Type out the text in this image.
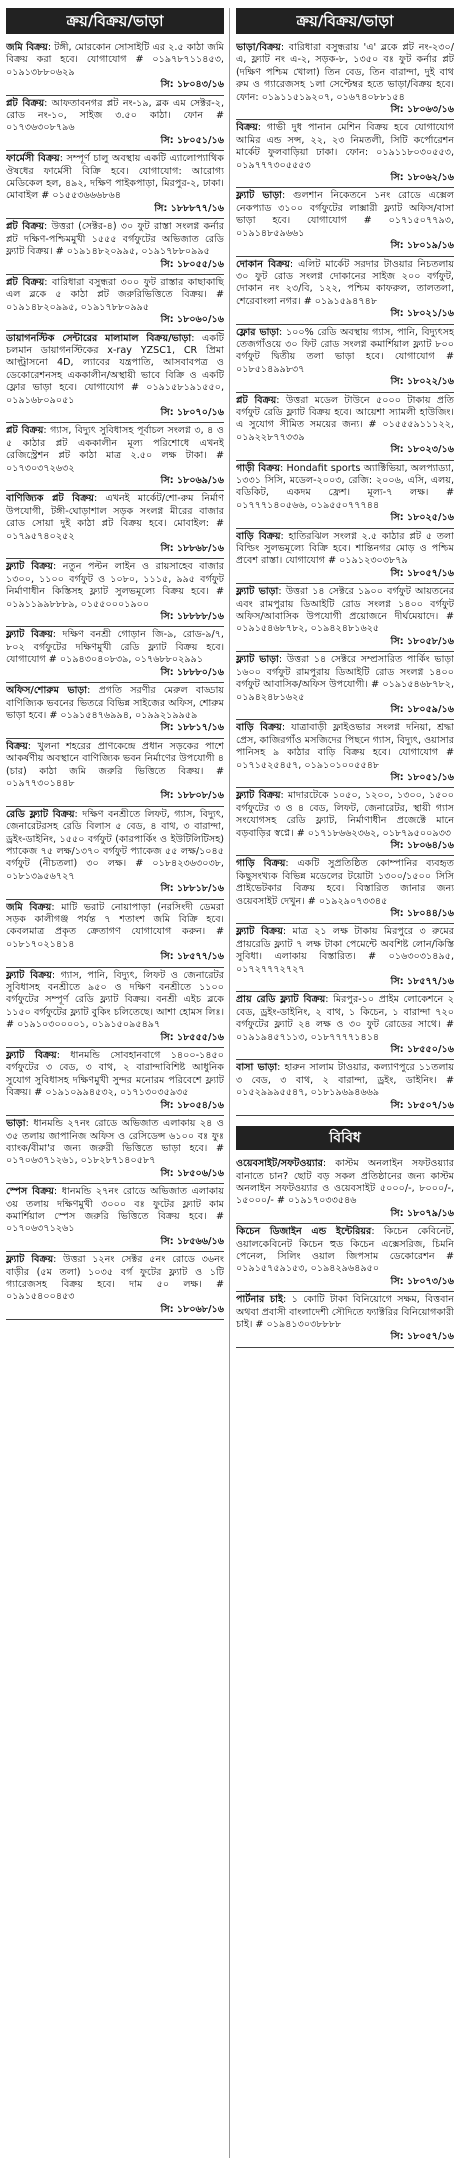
ক্রয়/বিক্রয়/ভাড়া
জমি বিক্রয়: টঙ্গী, মোরকোন সোসাইটি এর ২.৫ কাঠা জমি বিক্রয় করা হবে। যোগাযোগ # ০১৯৭৮৭১১৪৫৩, ০১৯১৩৮৮০৬২৯
সি: ১৮০৪৩/১৬
প্লট বিক্রয়: আফতাবনগর প্লট নং-১৯, ব্লক এম সেক্টর-২, রোড নং-১০, সাইজ ৩.৫০ কাঠা। ফোন # ০১৭৩৬৩০৮৭৯৬
সি: ১৮০৫১/১৬
ফার্মেসী বিক্রয়: সম্পূর্ণ চালু অবস্থায় একটি এ্যালোপ্যাথিক ঔষধের ফার্মেসী বিক্রি হবে। যোগাযোগ: আরোগ্য মেডিকেল হল, ৪৯২, দক্ষিণ পাইকপাড়া, মিরপুর-২, ঢাকা। মোবাইল # ০১৫৫৩৬৬৬৮৬৪
সি: ১৮৮৮৭৭/১৬
প্লট বিক্রয়: উত্তরা (সেক্টর-৪) ৩০ ফুট রাস্তা সংলগ্ন কর্নার প্লট দক্ষিণ-পশ্চিমমুখী ১৫৫৫ বর্গফুটের অভিজাত রেডি ফ্ল্যাট বিক্রয়। # ০১৯১৪৮২০৯৯৫, ০১৯১৭৮৮০৯৯৫
সি: ১৮০৫৫/১৬
প্লট বিক্রয়: বারিধারা বসুন্ধরা ৩০০ ফুট রাস্তার কাছাকাছি এল ব্লকে ৫ কাঠা প্লট জরুরিভিত্তিতে বিক্রয়। # ০১৯১৪৮২০৯৯৫, ০১৯১৭৮৮০৯৯৫
সি: ১৮০৬০/১৬
ডায়াগনস্টিক সেন্টারের মালামাল বিক্রয়/ভাড়া: একটি চলমান ডায়াগনস্টিকের x-ray YZSC1, CR প্রিমা আল্ট্রাসনো 4D, ল্যাবের যন্ত্রপাতি, আসবাবপত্র ও ডেকোরেশনসহ এককালীন/অস্থায়ী ভাবে বিক্রি ও একটি ফ্লোর ভাড়া হবে। যোগাযোগ # ০১৯১৫৮১৯১৫৫০, ০১৯১৬৮০৯০৫১
সি: ১৮০৭০/১৬
প্লট বিক্রয়: গ্যাস, বিদ্যুৎ সুবিধাসহ পূর্বাচল সংলগ্ন ৩, ৪ ও ৫ কাঠার প্লট এককালীন মূল্য পরিশোধে এখনই রেজিস্ট্রেশন প্লট কাঠা মাত্র ২.৫০ লক্ষ টাকা। # ০১৭৩০৩৭২৬৩২
সি: ১৮০৬৯/১৬
বাণিজ্যিক প্লট বিক্রয়: এখনই মার্কেট/শো-রুম নির্মাণ উপযোগী, টঙ্গী-ঘোড়াশাল সড়ক সংলগ্ন মীরের বাজার রোড সোয়া দুই কাঠা প্লট বিক্রয় হবে। মোবাইল: # ০১৭৯৫৭৪০২৫২
সি: ১৮৮৬৮/১৬
ফ্ল্যাট বিক্রয়: নতুন পল্টন লাইন ও রায়সাহেব বাজার ১৩০০, ১১০০ বর্গফুট ও ১০৮০, ১১১৫, ৯৯৫ বর্গফুট নির্মাণাধীন কিস্তিসহ ফ্ল্যাট সুলভমূল্যে বিক্রয় হবে। # ০১৯১১৯৯৮৮৮৯, ০১৫৫০০০১৯০০
সি: ১৮৮৮৮/১৬
ফ্ল্যাট বিক্রয়: দক্ষিণ বনশ্রী গোড়ান জি-৯, রোড-৯/৭, ৮০২ বর্গফুটের দক্ষিণমুখী রেডি ফ্ল্যাট বিক্রয় হবে। যোগাযোগ # ০১৯৪৩০৪০৮৩৯, ০১৭৬৮৮০২৯৯১
সি: ১৮৮৮০/১৬
অফিস/শোরুম ভাড়া: প্রগতি সরণীর মেরুল বাড্ডায় বাণিজ্যিক ভবনের ভিতরে বিভিন্ন সাইজের অফিস, শোরুম ভাড়া হবে। # ০১৯১৫৪৭৬৯৯৪, ০১৯৯২১৯৯৫৯
সি: ১৮৮১৭/১৬
বিক্রয়: খুলনা শহরের প্রাণকেন্দ্রে প্রধান সড়কের পাশে আকর্ষণীয় অবস্থানে বাণিজ্যিক ভবন নির্মাণের উপযোগী ৪ (চার) কাঠা জমি জরুরি ভিত্তিতে বিক্রয়। # ০১৯৭৭৩০১৪৪৮
সি: ১৮৮০৮/১৬
রেডি ফ্ল্যাট বিক্রয়: দক্ষিণ বনশ্রীতে লিফট, গ্যাস, বিদ্যুৎ, জেনারেটরসহ রেডি বিলাস ৫ বেড, ৪ বাথ, ৩ বারান্দা, ড্রইং-ডাইনিং, ১৫৫০ বর্গফুট (কারপার্কিং ও ইউটিলিটিসহ) প্যাকেজ ৭৫ লক্ষ/১৩৭০ বর্গফুট প্যাকেজ ৫৫ লক্ষ/১০৪৫ বর্গফুট (নীচতলা) ৩০ লক্ষ। # ০১৮৪২৩৬৩০৩৮, ০১৮১৩৯৫৬৭২৭
সি: ১৮৮১৮/১৬
জমি বিক্রয়: মাটি ভরাট নোয়াপাড়া (নরসিংদী ডেমরা সড়ক কালীগঞ্জ পর্যন্ত ৭ শতাংশ জমি বিক্রি হবে। কেবলমাত্র প্রকৃত ক্রেতাগণ যোগাযোগ করুন। # ০১৮১৭০২১৪১৪
সি: ১৮৫৭৭/১৬
ফ্ল্যাট বিক্রয়: গ্যাস, পানি, বিদ্যুৎ, লিফট ও জেনারেটর সুবিধাসহ বনশ্রীতে ৯৫০ ও দক্ষিণ বনশ্রীতে ১১০০ বর্গফুটের সম্পূর্ণ রেডি ফ্ল্যাট বিক্রয়। বনশ্রী এইচ ব্লকে ১১৫০ বর্গফুটের ফ্ল্যাট বুকিং চলিতেছে। আশা হোমস লিঃ। # ০১৯১০৩০০০০১, ০১৯১৫০৯৫৪৯৭
সি: ১৮৫৫৫/১৬
ফ্ল্যাট বিক্রয়: ধানমন্ডি সোবহানবাগে ১৪০০-১৪৫০ বর্গফুটের ৩ বেড, ৩ বাথ, ২ বারান্দাবিশিষ্ট আধুনিক সুযোগ সুবিধাসহ দক্ষিণমুখী সুন্দর মনোরম পরিবেশে ফ্ল্যাট বিক্রয়। # ০১৯১০৯৯৪৫৩২, ০১৭১৩০৩৫৯৩৫
সি: ১৮০৫৪/১৬
ভাড়া: ধানমন্ডি ২৭নং রোডে অভিজাত এলাকায় ২৪ ও ৩৫ তলায় জাপানিজ অফিস ও রেসিডেন্স ৬১০০ বঃ ফুঃ ব্যাংক/বীমা'র জন্য জরুরী ভিত্তিতে ভাড়া হবে। # ০১৭০৬৩৭১২৬১, ০১৮২৮৭১৪০৫৮৭
সি: ১৮৫০৬/১৬
স্পেস বিক্রয়: ধানমন্ডি ২৭নং রোডে অভিজাত এলাকায় ৩য় তলায় দক্ষিণমুখী ৩০০০ বঃ ফুটের ফ্ল্যাট কাম কমার্শিয়াল স্পেস জরুরি ভিত্তিতে বিক্রয় হবে। # ০১৭০৬৩৭১২৬১
সি: ১৮৫৬৬/১৬
ফ্ল্যাট বিক্রয়: উত্তরা ১২নং সেক্টর ৫নং রোডে ৩৬নং বাড়ীর (৫ম তলা) ১০৩৫ বর্গ ফুটের ফ্ল্যাট ও ১টি গ্যারেজসহ বিক্রয় হবে। দাম ৫০ লক্ষ। # ০১৯১৫৪০০৪৫৩
সি: ১৮০৬৮/১৬
ক্রয়/বিক্রয়/ভাড়া
ভাড়া/বিক্রয়: বারিধারা বসুন্ধরায় 'এ' ব্লকে প্লট নং-২৩০/এ, ফ্ল্যাট নং এ-২, সড়ক-৮, ১৩৫০ বঃ ফুট কর্নার প্লট (দক্ষিণ পশ্চিম খোলা) তিন বেড, তিন বারান্দা, দুই বাথ রুম ও গ্যারেজসহ ১লা সেপ্টেম্বর হতে ভাড়া/বিক্রয় হবে। ফোন: ০১৯১১৫১৯২০৭, ০১৬৭৪০৮৮১৫৪
সি: ১৮০৬৩/১৬
বিক্রয়: গাভী দুধ পানান মেশিন বিক্রয় হবে যোগাযোগ আমির এন্ড সন্স, ২২, ২৩ নিমতলী, সিটি কর্পোরেশন মার্কেট ফুলবাড়িয়া ঢাকা। ফোন: ০১৯১১৮০৩০৫৫৩, ০১৯৭৭৭৩০৫৫৫৩
সি: ১৮০৬২/১৬
ফ্ল্যাট ভাড়া: গুলশান নিকেতনে ১নং রোডে এক্সেল নেকপ্যাড ৩১০০ বর্গফুটের লাক্সারী ফ্ল্যাট অফিস/বাসা ভাড়া হবে। যোগাযোগ # ০১৭১৫০৭৭৯৩, ০১৯১৪৮৫৯৬৬১
সি: ১৮০১৯/১৬
দোকান বিক্রয়: এলিট মার্কেট সরদার টাওয়ার নিচতলায় ৩০ ফুট রোড সংলগ্ন দোকানের সাইজ ২০০ বর্গফুট, দোকান নং ২৩/বি, ১২২, পশ্চিম কাফরুল, তালতলা, শেরেবাংলা নগর। # ০১৯১৫৯৪৭৪৮
সি: ১৮০২১/১৬
ফ্লোর ভাড়া: ১০০% রেডি অবস্থায় গ্যাস, পানি, বিদ্যুৎসহ তেজগাঁওয়ে ৩০ ফিট রোড সংলগ্ন কমার্শিয়াল ফ্ল্যাট ৮০০ বর্গফুট দ্বিতীয় তলা ভাড়া হবে। যোগাযোগ # ০১৮৫১৪৯৯৮৩৭
সি: ১৮০২২/১৬
প্লট বিক্রয়: উত্তরা মডেল টাউনে ৫০০০ টাকায় প্রতি বর্গফুট রেডি ফ্ল্যাট বিক্রয় হবে। আয়েশা স্যামলী হাউজিং। এ সুযোগ সীমিত সময়ের জন্য। # ০১৫৫৫৯১১১২২, ০১৯২২৮৭৭৩৩৯
সি: ১৮০২৩/১৬
গাড়ী বিক্রয়: Hondafit sports অ্যাক্টিভিয়া, অলপ্যাড্যা, ১৩৩১ সিসি, মডেল-২০০৩, রেজি: ২০০৬, এসি, এলয়, বডিকিট, একদম ফ্রেশ। মূল্য-৭ লক্ষ। # ০১৭৭৭১৪০৫৬৬, ০১৯৫৫০৭৭৭৪৪
সি: ১৮০২৫/১৬
বাড়ি বিক্রয়: হাতিরঝিল সংলগ্ন ২.৫ কাঠার প্লট ৫ তলা বিল্ডিং সুলভমূল্যে বিক্রি হবে। শান্তিনগর মোড় ও পশ্চিম প্রবেশ রাস্তা। যোগাযোগ # ০১৯১২৩০৩৮৭৯
সি: ১৮০৫৭/১৬
ফ্ল্যাট ভাড়া: উত্তরা ১৪ সেক্টরে ১৯০০ বর্গফুট আয়তনের এবং রামপুরায় ডিআইটি রোড সংলগ্ন ১৪০০ বর্গফুট অফিস/আবাসিক উপযোগী প্রয়োজনে দীর্ঘমেয়াদে। # ০১৯১৫৪৬৮৭৮২, ০১৯৪২৪৮১৬২৫
সি: ১৮০৫৮/১৬
ফ্ল্যাট ভাড়া: উত্তরা ১৪ সেক্টরে সম্প্রসারিত পার্কিং ভাড়া ১৬০০ বর্গফুট রামপুরায় ডিআইটি রোড সংলগ্ন ১৪০০ বর্গফুট আবাসিক/অফিস উপযোগী। # ০১৯১৫৪৬৮৭৮২, ০১৯৪২৪৮১৬২৫
সি: ১৮০৫৯/১৬
বাড়ি বিক্রয়: যাত্রাবাড়ী ফ্লাইওভার সংলগ্ন দনিয়া, শ্রদ্ধা প্রেস, কাজিরগাঁও মসজিদের পিছনে গ্যাস, বিদ্যুৎ, ওয়াসার পানিসহ ৯ কাঠার বাড়ি বিক্রয় হবে। যোগাযোগ # ০১৭১৫২৫৪৫৭, ০১৯১০১০০৫৫৪৮
সি: ১৮০৫১/১৬
ফ্ল্যাট বিক্রয়: মাদারটেকে ১০৫০, ১২০০, ১৩০০, ১৫০০ বর্গফুটের ৩ ও ৪ বেড, লিফট, জেনারেটর, স্থায়ী গ্যাস সংযোগসহ রেডি ফ্ল্যাট, নির্মাণাধীন প্রজেক্টে মানে বড়বাড়ির স্বপ্নে। # ০১৭১৮৬৬২৩৬২, ০১৮৭৯৫০০৯৩৩
সি: ১৮০৬৪/১৬
গাড়ি বিক্রয়: একটি সুপ্রতিষ্ঠিত কোম্পানির ব্যবহৃত কিছুসংখ্যক বিভিন্ন মডেলের টয়োটা ১৩০০/১৫০০ সিসি প্রাইভেটকার বিক্রয় হবে। বিস্তারিত জানার জন্য ওয়েবসাইট দেখুন। # ০১৯২৯০৭৩৩৪৫
সি: ১৮০৪৪/১৬
ফ্ল্যাট বিক্রয়: মাত্র ২১ লক্ষ টাকায় মিরপুরে ৩ রুমের প্রায়রেডি ফ্ল্যাট ৭ লক্ষ টাকা পেমেন্টে অবশিষ্ট লোন/কিস্তি সুবিধা। এলাকায় বিস্তারিত। # ০১৬৩০৩১৪৯৫, ০১৭২৭৭৭২৭২৭
সি: ১৮৫৭৭/১৬
প্রায় রেডি ফ্ল্যাট বিক্রয়: মিরপুর-১০ প্রাইম লোকেশনে ২ বেড, ড্রইং-ডাইনিং, ২ বাথ, ১ কিচেন, ১ বারান্দা ৭২০ বর্গফুটের ফ্ল্যাট ২৪ লক্ষ ও ৩০ ফুট রোডের সাথে। # ০১৯১৯৪৫৭১১৩, ০১৮৭৭৭৭১৪১৪
সি: ১৮৫৫০/১৬
বাসা ভাড়া: হারুন সালাম টাওয়ার, কল্যাণপুরে ১১তলায় ৩ বেড, ৩ বাথ, ২ বারান্দা, ড্রইং, ডাইনিং। # ০১৫২৯৯৯৫৫৪৭, ০১৮১৯৬৯৪৬৬৯
সি: ১৮৫০৭/১৬
বিবিধ
ওয়েবসাইট/সফটওয়্যার: কাস্টম অনলাইন সফটওয়্যার বানাতে চান? ছোট বড় সকল প্রতিষ্ঠানের জন্য কাস্টম অনলাইন সফটওয়্যার ও ওয়েবসাইট ৫০০০/-, ৮০০০/-, ১৫০০০/- # ০১৯১৭০৩৩৫৪৬
সি: ১৮০৭৯/১৬
কিচেন ডিজাইন এন্ড ইন্টেরিয়র: কিচেন কেবিনেট, ওয়ালকেবিনেট কিচেন হুড কিচেন এক্সেসরিজ, চিমনি পেনেল, সিলিং ওয়াল জিপসাম ডেকোরেশন # ০১৯১৫৭৫৯১৫৩, ০১৯৪২৯৬৪৯৫০
সি: ১৮০৭৩/১৬
পার্টনার চাই: ১ কোটি টাকা বিনিয়োগে সক্ষম, বিত্তবান অথবা প্রবাসী বাংলাদেশী সৌদিতে ফ্যাক্টরির বিনিয়োগকারী চাই। # ০১৯৪১৩০৩৮৮৮৮
সি: ১৮০৫৭/১৬
